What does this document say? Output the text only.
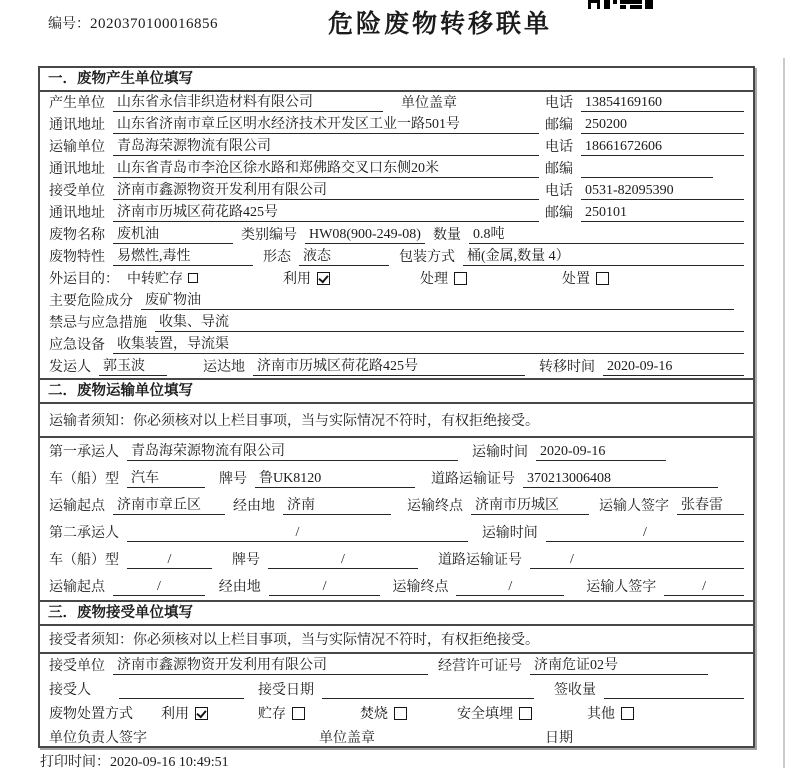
编号：2020370100016856	危险废物转移联单
一．废物产生单位填写
产生单位 山东省永信非织造材料有限公司	单位盖章	电话 13854169160
通讯地址 山东省济南市章丘区明水经济技术开发区工业一路501号	邮编 250200
运输单位 青岛海荣源物流有限公司	电话 18661672606
通讯地址 山东省青岛市李沧区徐水路和郑佛路交叉口东侧20米	邮编
接受单位 济南市鑫源物资开发利用有限公司	电话 0531-82095390
通讯地址 济南市历城区荷花路425号	邮编 250101
废物名称 废机油	类别编号 HW08(900-249-08) 数量 0.8吨
废物特性 易燃性,毒性	形态 液态	包装方式 桶(金属,数量 4）
外运目的： 中转贮存	利用	处理	处置
主要危险成分 废矿物油
禁忌与应急措施 收集、导流
应急设备 收集装置，导流渠
发运人 郭玉波	运达地 济南市历城区荷花路425号	转移时间 2020-09-16
二．废物运输单位填写
运输者须知：你必须核对以上栏目事项，当与实际情况不符时，有权拒绝接受。
第一承运人 青岛海荣源物流有限公司	运输时间 2020-09-16
车（船）型 汽车	牌号 鲁UK8120	道路运输证号 370213006408
运输起点 济南市章丘区	经由地 济南	运输终点 济南市历城区	运输人签字 张春雷
第二承运人	/	运输时间	/
车（船）型	/	牌号	/	道路运输证号	/
运输起点	/	经由地	/	运输终点	/	运输人签字	/
三．废物接受单位填写
接受者须知：你必须核对以上栏目事项，当与实际情况不符时，有权拒绝接受。
接受单位 济南市鑫源物资开发利用有限公司	经营许可证号 济南危证02号
接受人	接受日期	签收量
废物处置方式 利用	贮存	焚烧	安全填埋	其他
单位负责人签字	单位盖章	日期
打印时间：2020-09-16 10:49:51
